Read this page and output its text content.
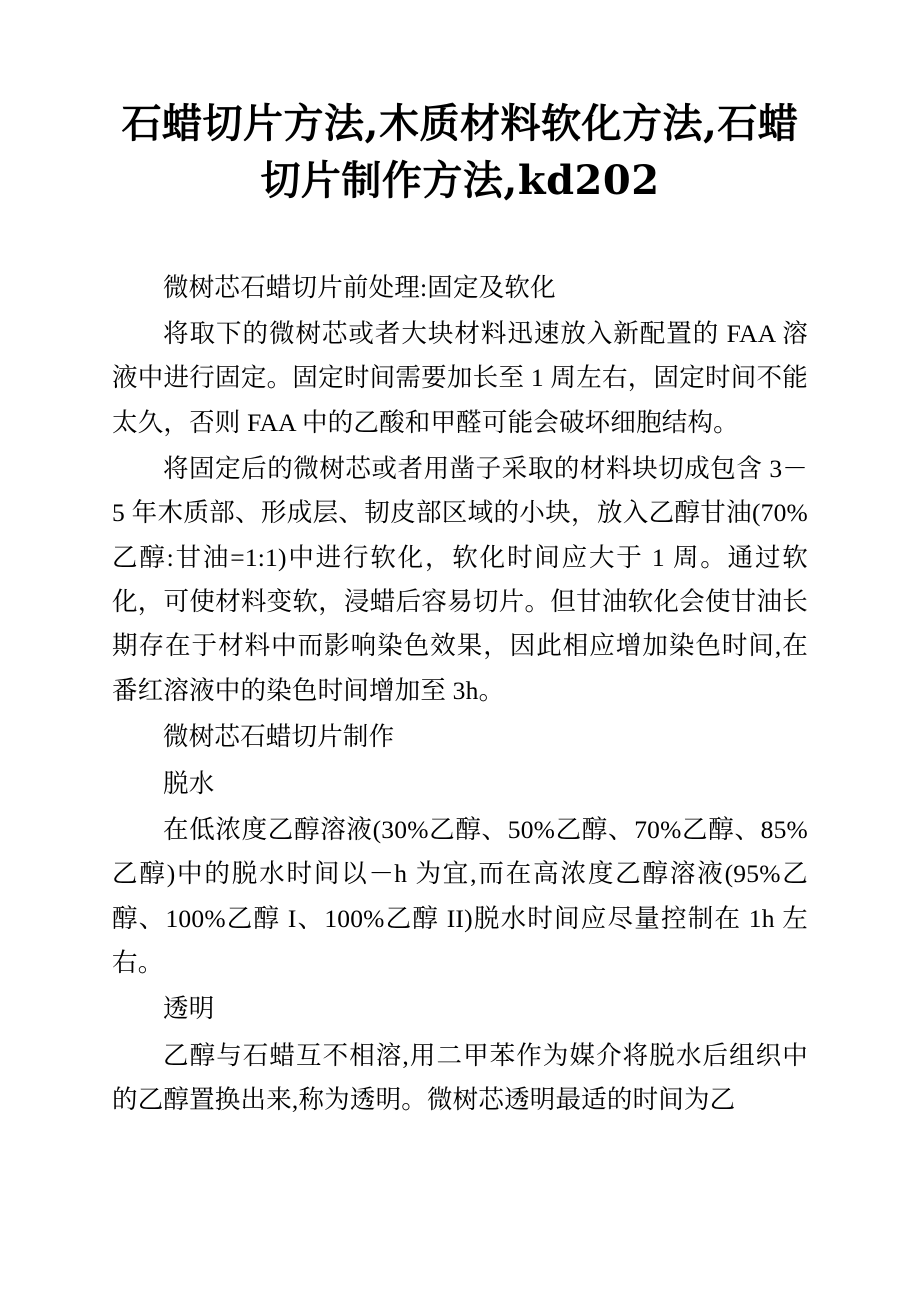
石蜡切片方法,木质材料软化方法,石蜡切片制作方法,kd202

微树芯石蜡切片前处理:固定及软化

将取下的微树芯或者大块材料迅速放入新配置的 FAA 溶液中进行固定。固定时间需要加长至 1 周左右，固定时间不能太久，否则 FAA 中的乙酸和甲醛可能会破坏细胞结构。

将固定后的微树芯或者用凿子采取的材料块切成包含 3－5 年木质部、形成层、韧皮部区域的小块，放入乙醇甘油(70%乙醇:甘油=1:1)中进行软化，软化时间应大于 1 周。通过软化，可使材料变软，浸蜡后容易切片。但甘油软化会使甘油长期存在于材料中而影响染色效果，因此相应增加染色时间,在番红溶液中的染色时间增加至 3h。

微树芯石蜡切片制作

脱水

在低浓度乙醇溶液(30%乙醇、50%乙醇、70%乙醇、85%乙醇)中的脱水时间以－h 为宜,而在高浓度乙醇溶液(95%乙醇、100%乙醇 I、100%乙醇 II)脱水时间应尽量控制在 1h 左右。

透明

乙醇与石蜡互不相溶,用二甲苯作为媒介将脱水后组织中的乙醇置换出来,称为透明。微树芯透明最适的时间为乙
